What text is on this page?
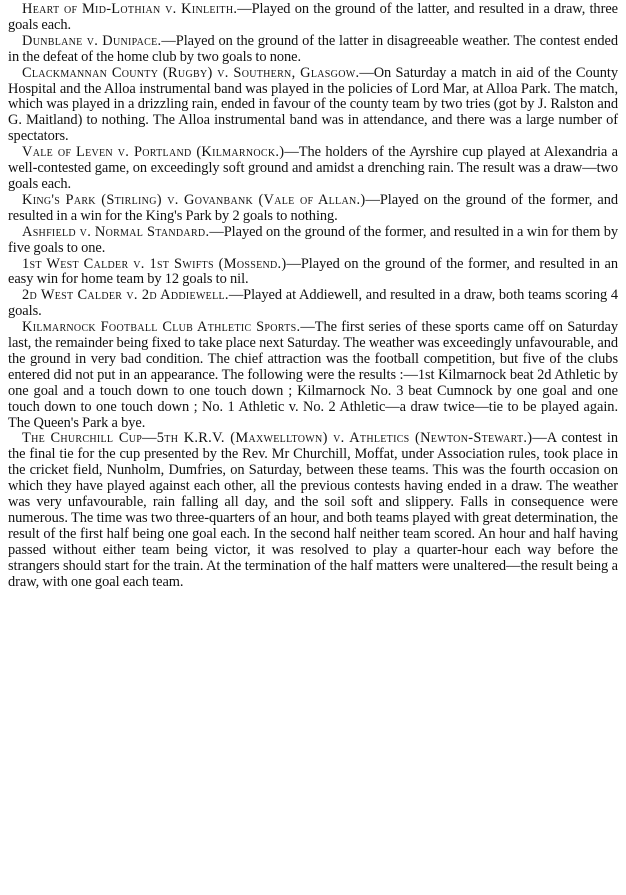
Heart of Mid-Lothian v. Kinleith.—Played on the ground of the latter, and resulted in a draw, three goals each.

Dunblane v. Dunipace.—Played on the ground of the latter in disagreeable weather. The contest ended in the defeat of the home club by two goals to none.

Clackmannan County (Rugby) v. Southern, Glasgow.—On Saturday a match in aid of the County Hospital and the Alloa instrumental band was played in the policies of Lord Mar, at Alloa Park. The match, which was played in a drizzling rain, ended in favour of the county team by two tries (got by J. Ralston and G. Maitland) to nothing. The Alloa instrumental band was in attendance, and there was a large number of spectators.

Vale of Leven v. Portland (Kilmarnock.)—The holders of the Ayrshire cup played at Alexandria a well-contested game, on exceedingly soft ground and amidst a drenching rain. The result was a draw—two goals each.

King's Park (Stirling) v. Govanbank (Vale of Allan.)—Played on the ground of the former, and resulted in a win for the King's Park by 2 goals to nothing.

Ashfield v. Normal Standard.—Played on the ground of the former, and resulted in a win for them by five goals to one.

1st West Calder v. 1st Swifts (Mossend.)—Played on the ground of the former, and resulted in an easy win for home team by 12 goals to nil.

2d West Calder v. 2d Addiewell.—Played at Addiewell, and resulted in a draw, both teams scoring 4 goals.

Kilmarnock Football Club Athletic Sports.—The first series of these sports came off on Saturday last, the remainder being fixed to take place next Saturday. The weather was exceedingly unfavourable, and the ground in very bad condition. The chief attraction was the football competition, but five of the clubs entered did not put in an appearance. The following were the results :—1st Kilmarnock beat 2d Athletic by one goal and a touch down to one touch down ; Kilmarnock No. 3 beat Cumnock by one goal and one touch down to one touch down ; No. 1 Athletic v. No. 2 Athletic—a draw twice—tie to be played again. The Queen's Park a bye.

The Churchill Cup—5th K.R.V. (Maxwelltown) v. Athletics (Newton-Stewart.)—A contest in the final tie for the cup presented by the Rev. Mr Churchill, Moffat, under Association rules, took place in the cricket field, Nunholm, Dumfries, on Saturday, between these teams. This was the fourth occasion on which they have played against each other, all the previous contests having ended in a draw. The weather was very unfavourable, rain falling all day, and the soil soft and slippery. Falls in consequence were numerous. The time was two three-quarters of an hour, and both teams played with great determination, the result of the first half being one goal each. In the second half neither team scored. An hour and half having passed without either team being victor, it was resolved to play a quarter-hour each way before the strangers should start for the train. At the termination of the half matters were unaltered—the result being a draw, with one goal each team.
